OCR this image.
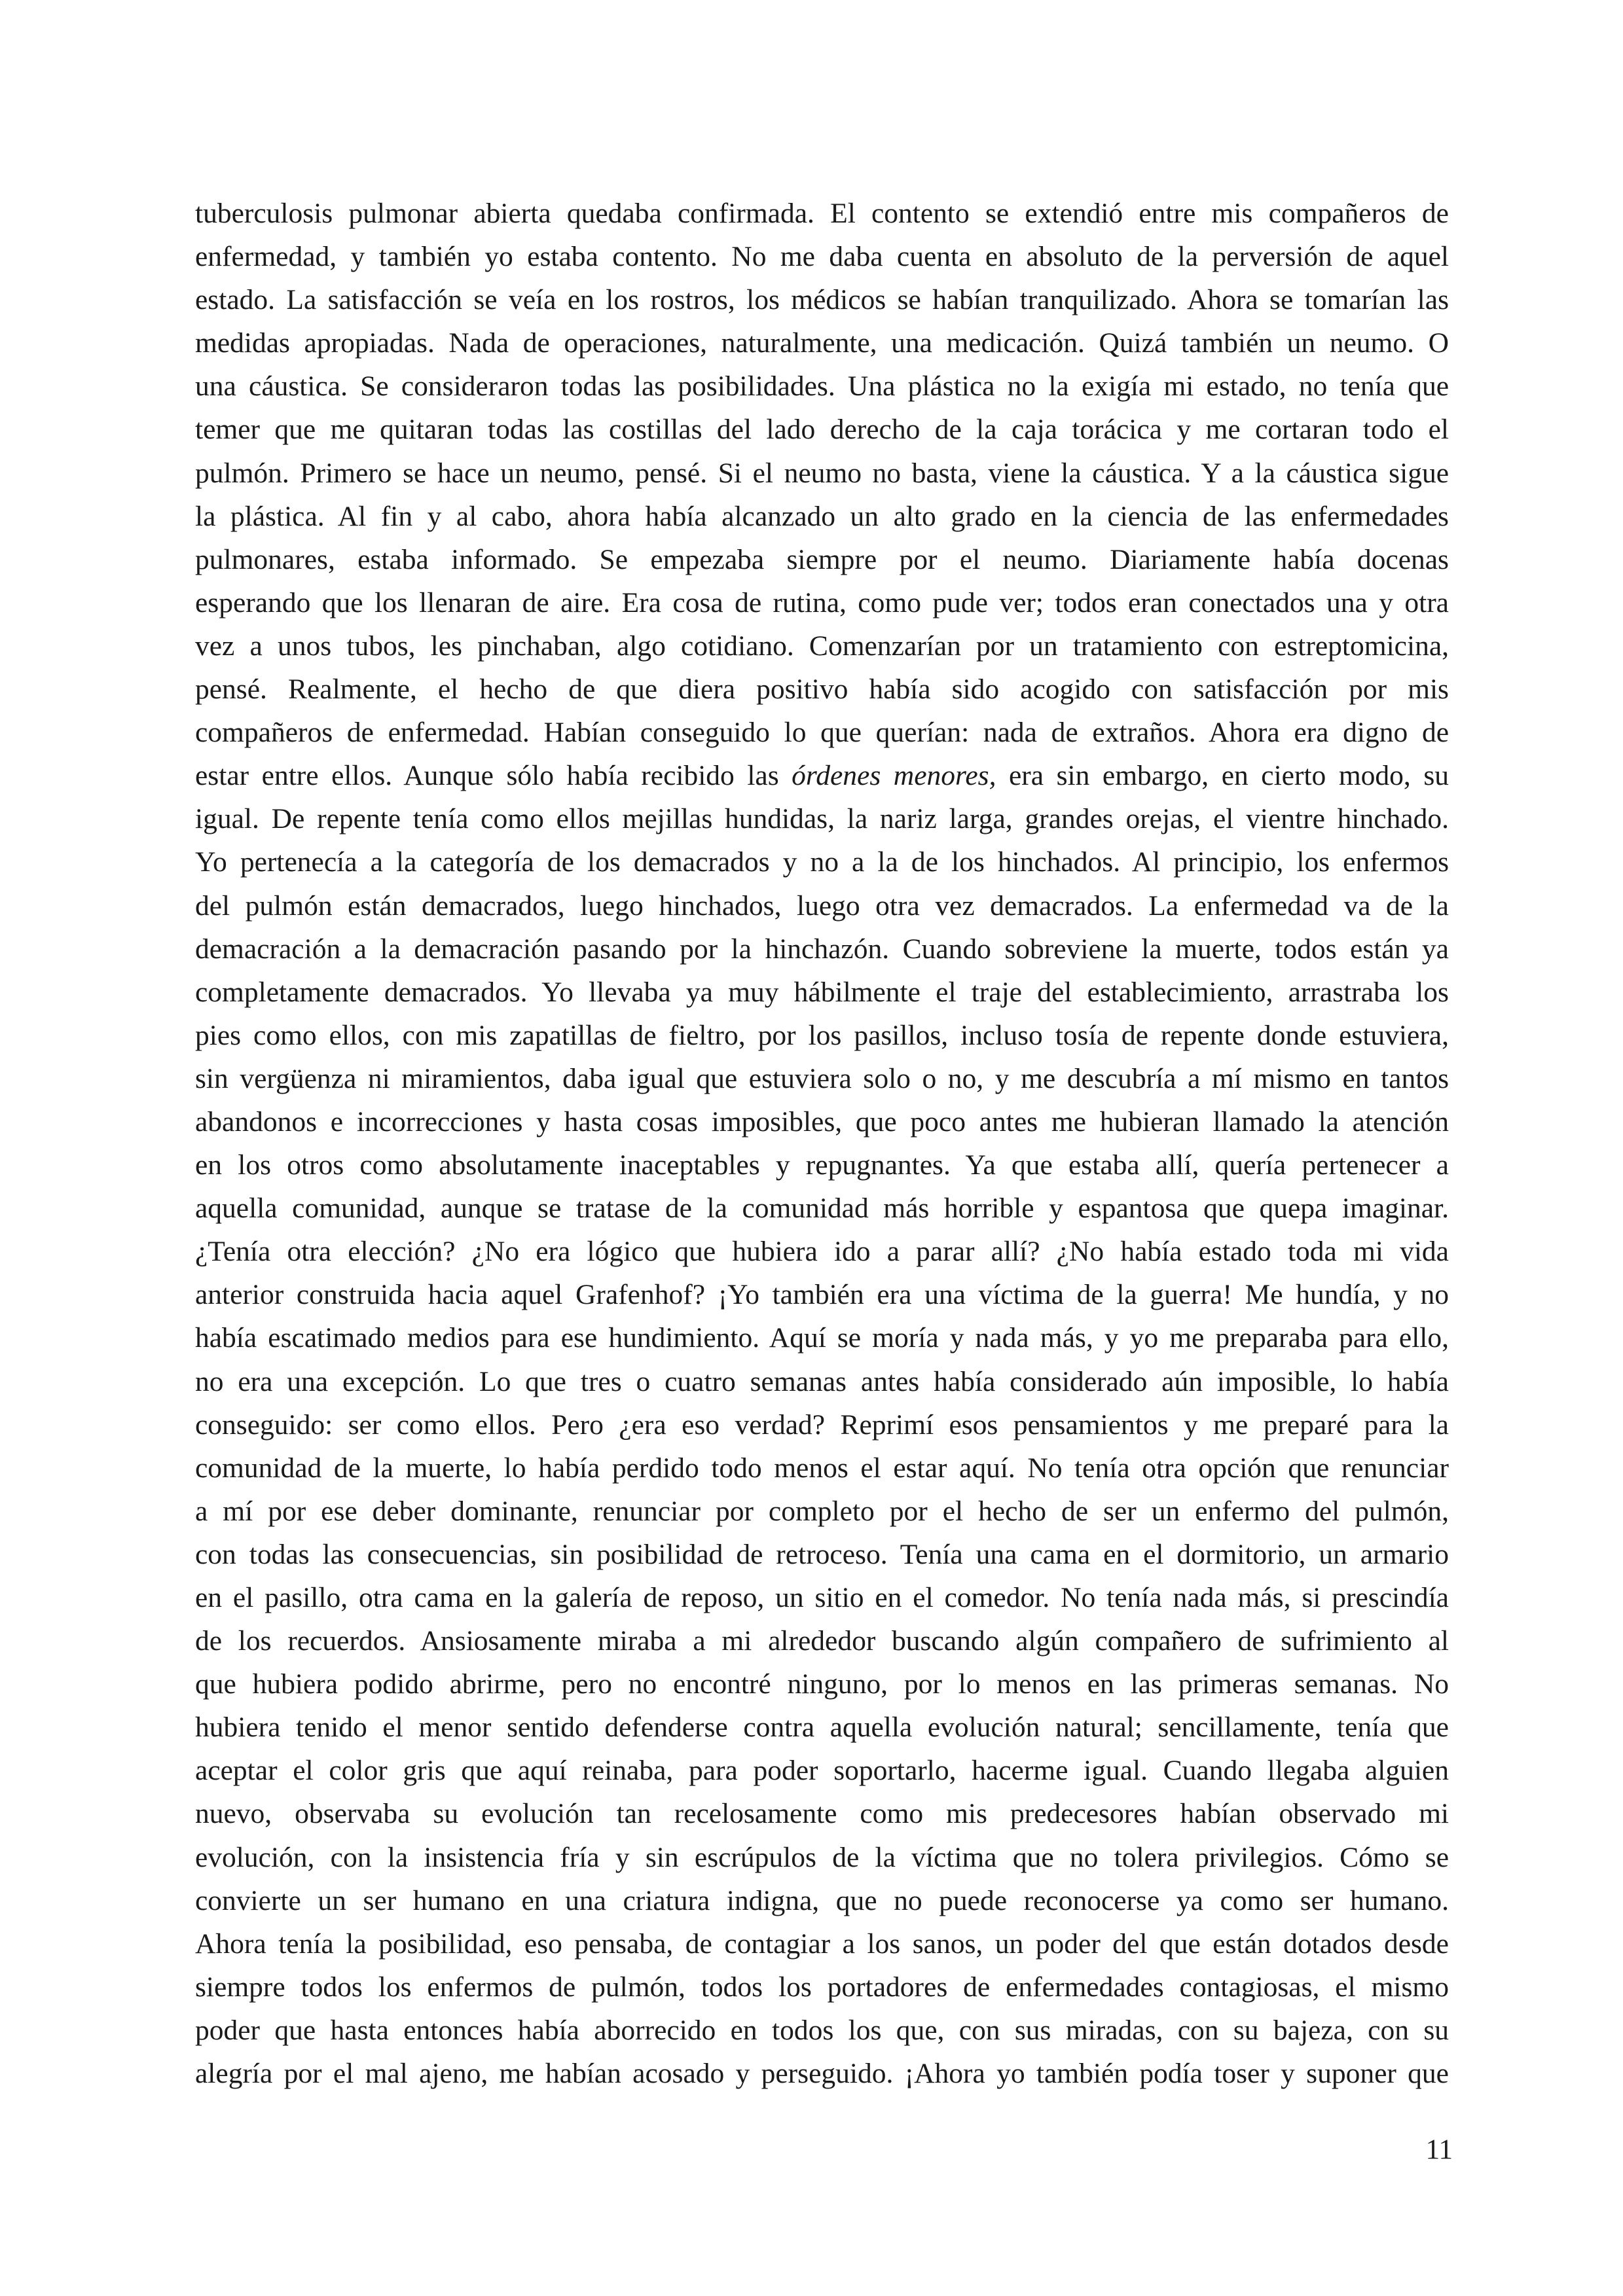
tuberculosis pulmonar abierta quedaba confirmada. El contento se extendió entre mis compañeros de
enfermedad, y también yo estaba contento. No me daba cuenta en absoluto de la perversión de aquel
estado. La satisfacción se veía en los rostros, los médicos se habían tranquilizado. Ahora se tomarían las
medidas apropiadas. Nada de operaciones, naturalmente, una medicación. Quizá también un neumo. O
una cáustica. Se consideraron todas las posibilidades. Una plástica no la exigía mi estado, no tenía que
temer que me quitaran todas las costillas del lado derecho de la caja torácica y me cortaran todo el
pulmón. Primero se hace un neumo, pensé. Si el neumo no basta, viene la cáustica. Y a la cáustica sigue
la plástica. Al fin y al cabo, ahora había alcanzado un alto grado en la ciencia de las enfermedades
pulmonares, estaba informado. Se empezaba siempre por el neumo. Diariamente había docenas
esperando que los llenaran de aire. Era cosa de rutina, como pude ver; todos eran conectados una y otra
vez a unos tubos, les pinchaban, algo cotidiano. Comenzarían por un tratamiento con estreptomicina,
pensé. Realmente, el hecho de que diera positivo había sido acogido con satisfacción por mis
compañeros de enfermedad. Habían conseguido lo que querían: nada de extraños. Ahora era digno de
estar entre ellos. Aunque sólo había recibido las órdenes menores, era sin embargo, en cierto modo, su
igual. De repente tenía como ellos mejillas hundidas, la nariz larga, grandes orejas, el vientre hinchado.
Yo pertenecía a la categoría de los demacrados y no a la de los hinchados. Al principio, los enfermos
del pulmón están demacrados, luego hinchados, luego otra vez demacrados. La enfermedad va de la
demacración a la demacración pasando por la hinchazón. Cuando sobreviene la muerte, todos están ya
completamente demacrados. Yo llevaba ya muy hábilmente el traje del establecimiento, arrastraba los
pies como ellos, con mis zapatillas de fieltro, por los pasillos, incluso tosía de repente donde estuviera,
sin vergüenza ni miramientos, daba igual que estuviera solo o no, y me descubría a mí mismo en tantos
abandonos e incorrecciones y hasta cosas imposibles, que poco antes me hubieran llamado la atención
en los otros como absolutamente inaceptables y repugnantes. Ya que estaba allí, quería pertenecer a
aquella comunidad, aunque se tratase de la comunidad más horrible y espantosa que quepa imaginar.
¿Tenía otra elección? ¿No era lógico que hubiera ido a parar allí? ¿No había estado toda mi vida
anterior construida hacia aquel Grafenhof? ¡Yo también era una víctima de la guerra! Me hundía, y no
había escatimado medios para ese hundimiento. Aquí se moría y nada más, y yo me preparaba para ello,
no era una excepción. Lo que tres o cuatro semanas antes había considerado aún imposible, lo había
conseguido: ser como ellos. Pero ¿era eso verdad? Reprimí esos pensamientos y me preparé para la
comunidad de la muerte, lo había perdido todo menos el estar aquí. No tenía otra opción que renunciar
a mí por ese deber dominante, renunciar por completo por el hecho de ser un enfermo del pulmón,
con todas las consecuencias, sin posibilidad de retroceso. Tenía una cama en el dormitorio, un armario
en el pasillo, otra cama en la galería de reposo, un sitio en el comedor. No tenía nada más, si prescindía
de los recuerdos. Ansiosamente miraba a mi alrededor buscando algún compañero de sufrimiento al
que hubiera podido abrirme, pero no encontré ninguno, por lo menos en las primeras semanas. No
hubiera tenido el menor sentido defenderse contra aquella evolución natural; sencillamente, tenía que
aceptar el color gris que aquí reinaba, para poder soportarlo, hacerme igual. Cuando llegaba alguien
nuevo, observaba su evolución tan recelosamente como mis predecesores habían observado mi
evolución, con la insistencia fría y sin escrúpulos de la víctima que no tolera privilegios. Cómo se
convierte un ser humano en una criatura indigna, que no puede reconocerse ya como ser humano.
Ahora tenía la posibilidad, eso pensaba, de contagiar a los sanos, un poder del que están dotados desde
siempre todos los enfermos de pulmón, todos los portadores de enfermedades contagiosas, el mismo
poder que hasta entonces había aborrecido en todos los que, con sus miradas, con su bajeza, con su
alegría por el mal ajeno, me habían acosado y perseguido. ¡Ahora yo también podía toser y suponer que
11
